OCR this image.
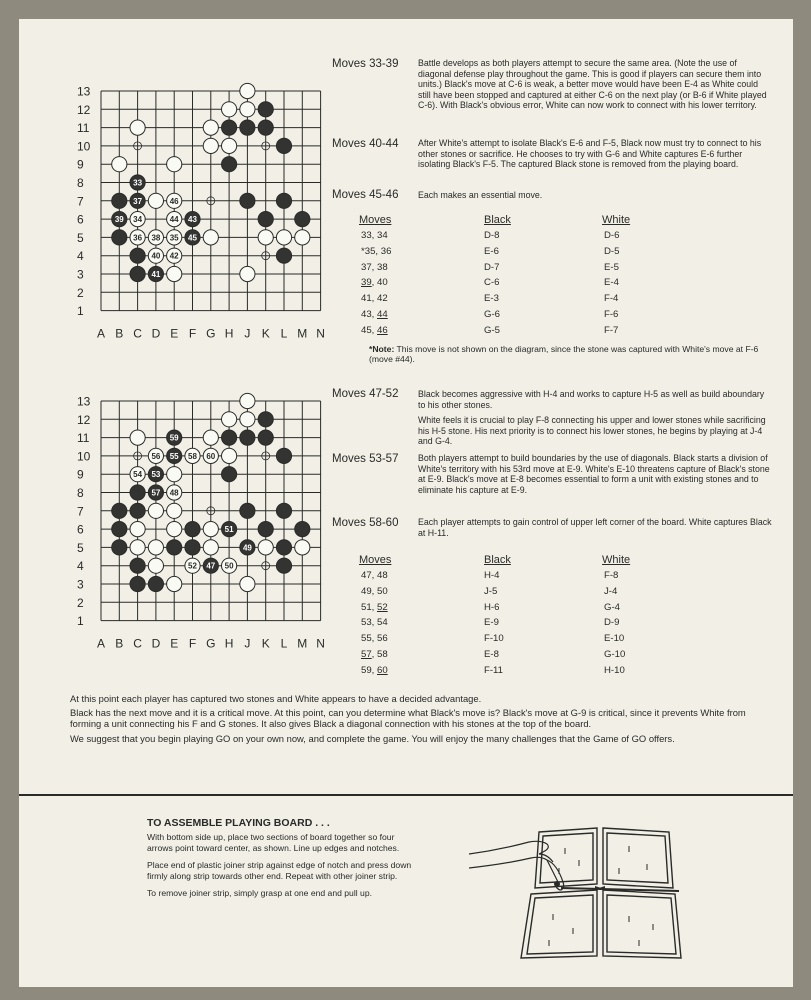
13
12
11
10
9
8
7
6
5
4
3
2
1
A B C D E F G H J K L M N
33
37	46
39 34	44 43
36 38 35 45
40 42
41
13
12
11
10
9
8
7
6
5
4
3
2
1
A B C D E F G H J K L M N
59
56 55 58 60
54 53
57 48
51
49
52 47 50
Moves 33-39 Battle develops as both players attempt to secure the same area. (Note the use of diagonal defense play throughout the game. This is good if players can secure them into units.) Black's move at C-6 is weak, a better move would have been E-4 as White could still have been stopped and captured at either C-6 on the next play (or B-6 if White played C-6). With Black's obvious error, White can now work to connect with his lower territory.

Moves 40-44 After White's attempt to isolate Black's E-6 and F-5, Black now must try to connect to his other stones or sacrifice. He chooses to try with G-6 and White captures E-6 further isolating Black's F-5. The captured Black stone is removed from the playing board.

Moves 45-46 Each makes an essential move.

Moves	Black	White
33, 34	D-8	D-6
*35, 36	E-6	D-5
37, 38	D-7	E-5
39, 40	C-6	E-4
41, 42	E-3	F-4
43, 44	G-6	F-6
45, 46	G-5	F-7
*Note: This move is not shown on the diagram, since the stone was captured with White's move at F-6 (move #44).
Moves 47-52 Black becomes aggressive with H-4 and works to capture H-5 as well as build aboundary to his other stones.

White feels it is crucial to play F-8 connecting his upper and lower stones while sacrificing his H-5 stone. His next priority is to connect his lower stones, he begins by playing at J-4 and G-4.

Moves 53-57 Both players attempt to build boundaries by the use of diagonals. Black starts a division of White's territory with his 53rd move at E-9. White's E-10 threatens capture of Black's stone at E-9. Black's move at E-8 becomes essential to form a unit with existing stones and to eliminate his capture at E-9.

Moves 58-60 Each player attempts to gain control of upper left corner of the board. White captures Black at H-11.

Moves	Black	White
47, 48	H-4	F-8
49, 50	J-5	J-4
51, 52	H-6	G-4
53, 54	E-9	D-9
55, 56	F-10	E-10
57, 58	E-8	G-10
59, 60	F-11	H-10

At this point each player has captured two stones and White appears to have a decided advantage.

Black has the next move and it is a critical move. At this point, can you determine what Black's move is? Black's move at G-9 is critical, since it prevents White from forming a unit connecting his F and G stones. It also gives Black a diagonal connection with his stones at the top of the board.

We suggest that you begin playing GO on your own now, and complete the game. You will enjoy the many challenges that the Game of GO offers.

TO ASSEMBLE PLAYING BOARD . . .

With bottom side up, place two sections of board together so four arrows point toward center, as shown. Line up edges and notches.

Place end of plastic joiner strip against edge of notch and press down firmly along strip towards other end. Repeat with other joiner strip.

To remove joiner strip, simply grasp at one end and pull up.
